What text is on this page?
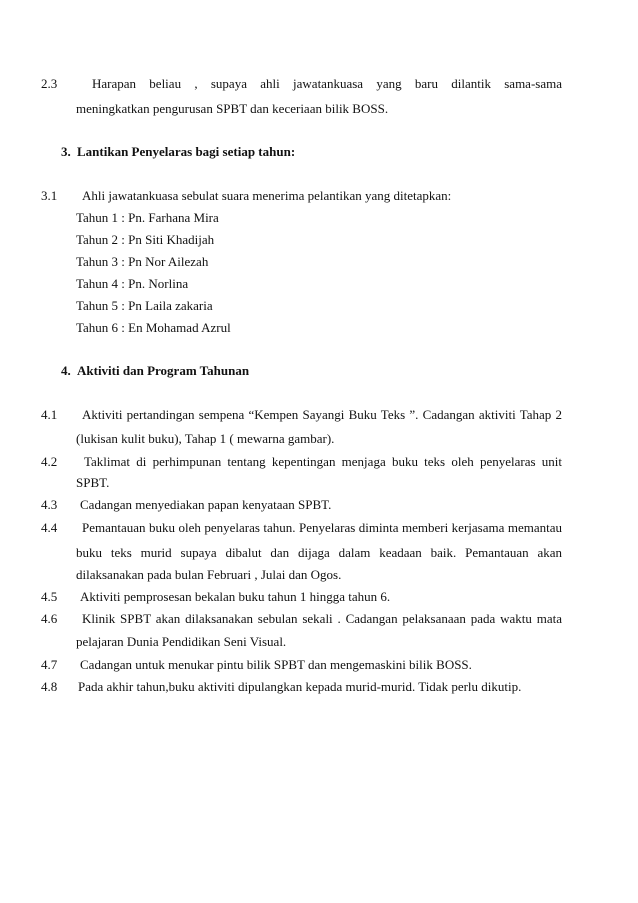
2.3	Harapan beliau , supaya ahli jawatankuasa yang baru dilantik sama-sama
meningkatkan pengurusan SPBT dan keceriaan bilik BOSS.
3. Lantikan Penyelaras bagi setiap tahun:
3.1 Ahli jawatankuasa sebulat suara menerima pelantikan yang ditetapkan:
Tahun 1 : Pn. Farhana Mira
Tahun 2 : Pn Siti Khadijah
Tahun 3 : Pn Nor Ailezah
Tahun 4 : Pn. Norlina
Tahun 5 : Pn Laila zakaria
Tahun 6 : En Mohamad Azrul
4. Aktiviti dan Program Tahunan
4.1 Aktiviti pertandingan sempena “Kempen Sayangi Buku Teks ”. Cadangan aktiviti Tahap 2
(lukisan kulit buku), Tahap 1 ( mewarna gambar).
4.2 Taklimat di perhimpunan tentang kepentingan menjaga buku teks oleh penyelaras unit
SPBT.
4.3 Cadangan menyediakan papan kenyataan SPBT.
4.4 Pemantauan buku oleh penyelaras tahun. Penyelaras diminta memberi kerjasama memantau
buku teks murid supaya dibalut dan dijaga dalam keadaan baik. Pemantauan akan
dilaksanakan pada bulan Februari , Julai dan Ogos.
4.5 Aktiviti pemprosesan bekalan buku tahun 1 hingga tahun 6.
4.6 Klinik SPBT akan dilaksanakan sebulan sekali . Cadangan pelaksanaan pada waktu mata
pelajaran Dunia Pendidikan Seni Visual.
4.7 Cadangan untuk menukar pintu bilik SPBT dan mengemaskini bilik BOSS.
4.8 Pada akhir tahun,buku aktiviti dipulangkan kepada murid-murid. Tidak perlu dikutip.
